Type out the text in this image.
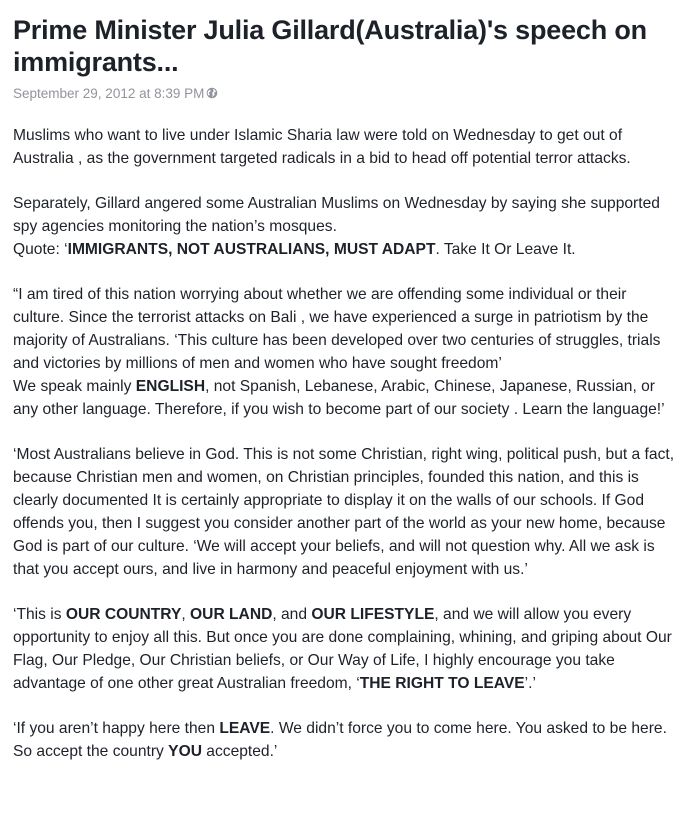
Prime Minister Julia Gillard(Australia)'s speech on immigrants...
September 29, 2012 at 8:39 PM

Muslims who want to live under Islamic Sharia law were told on Wednesday to get out of Australia , as the government targeted radicals in a bid to head off potential terror attacks.

Separately, Gillard angered some Australian Muslims on Wednesday by saying she supported spy agencies monitoring the nation’s mosques.

Quote: ‘IMMIGRANTS, NOT AUSTRALIANS, MUST ADAPT. Take It Or Leave It.

“I am tired of this nation worrying about whether we are offending some individual or their culture. Since the terrorist attacks on Bali , we have experienced a surge in patriotism by the majority of Australians. ‘This culture has been developed over two centuries of struggles, trials and victories by millions of men and women who have sought freedom’

We speak mainly ENGLISH, not Spanish, Lebanese, Arabic, Chinese, Japanese, Russian, or any other language. Therefore, if you wish to become part of our society . Learn the language!’

‘Most Australians believe in God. This is not some Christian, right wing, political push, but a fact, because Christian men and women, on Christian principles, founded this nation, and this is clearly documented It is certainly appropriate to display it on the walls of our schools. If God offends you, then I suggest you consider another part of the world as your new home, because God is part of our culture. ‘We will accept your beliefs, and will not question why. All we ask is that you accept ours, and live in harmony and peaceful enjoyment with us.’

‘This is OUR COUNTRY, OUR LAND, and OUR LIFESTYLE, and we will allow you every opportunity to enjoy all this. But once you are done complaining, whining, and griping about Our Flag, Our Pledge, Our Christian beliefs, or Our Way of Life, I highly encourage you take advantage of one other great Australian freedom, ‘THE RIGHT TO LEAVE’.’

‘If you aren’t happy here then LEAVE. We didn’t force you to come here. You asked to be here. So accept the country YOU accepted.’
